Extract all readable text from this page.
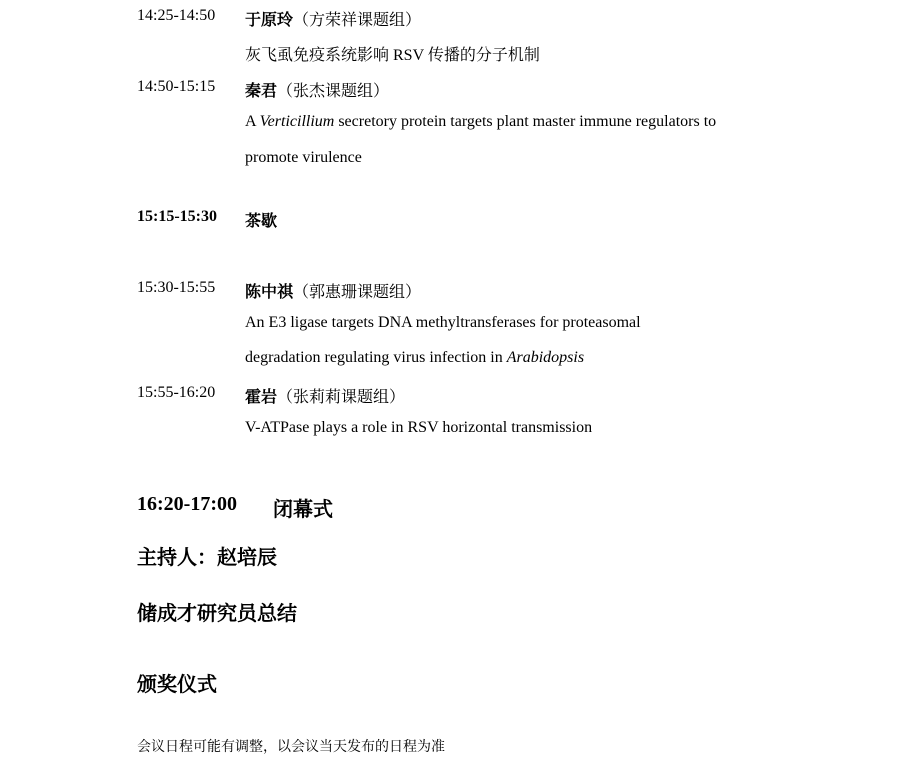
14:25-14:50 于原玲（方荣祥课题组）
灰飞虱免疫系统影响 RSV 传播的分子机制
14:50-15:15 秦君（张杰课题组）
A Verticillium secretory protein targets plant master immune regulators to
promote virulence
15:15-15:30 茶歇
15:30-15:55 陈中祺（郭惠珊课题组）
An E3 ligase targets DNA methyltransferases for proteasomal
degradation regulating virus infection in Arabidopsis
15:55-16:20 霍岩（张莉莉课题组）
V-ATPase plays a role in RSV horizontal transmission
16:20-17:00 闭幕式
主持人：赵培辰
储成才研究员总结
颁奖仪式
会议日程可能有调整，以会议当天发布的日程为准
